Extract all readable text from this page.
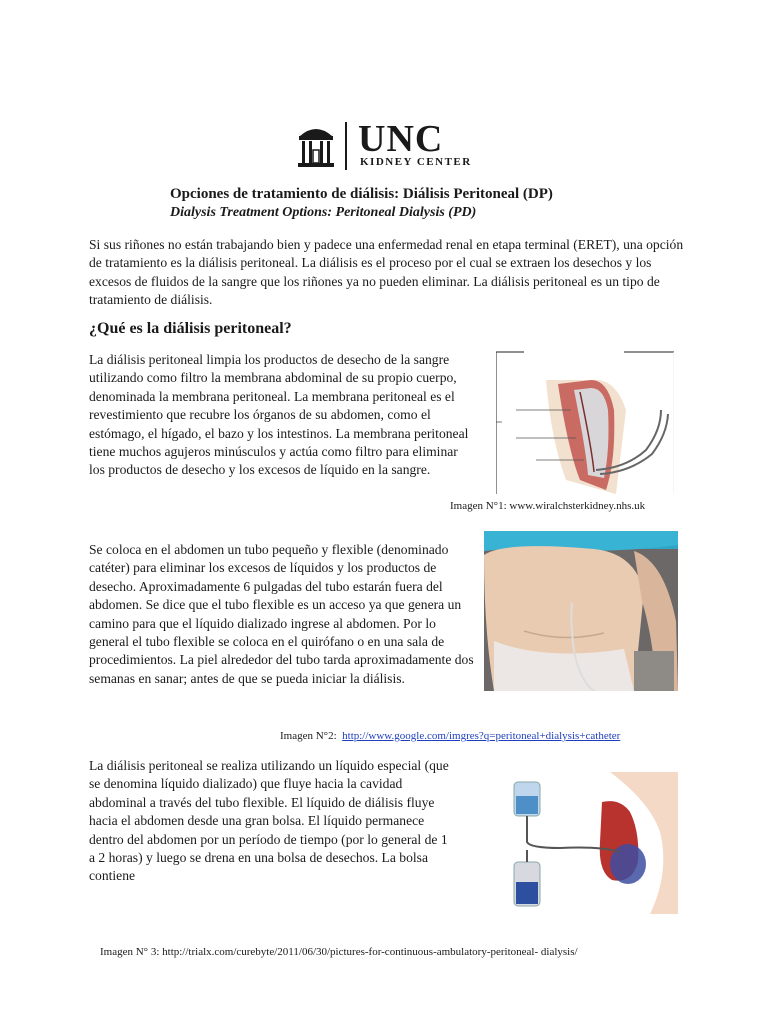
UNC
KIDNEY CENTER
Opciones de tratamiento de diálisis: Diálisis Peritoneal (DP)
Dialysis Treatment Options: Peritoneal Dialysis (PD)
Si sus riñones no están trabajando bien y padece una enfermedad renal en etapa terminal (ERET), una opción de tratamiento es la diálisis peritoneal. La diálisis es el proceso por el cual se extraen los desechos y los excesos de fluidos de la sangre que los riñones ya no pueden eliminar. La diálisis peritoneal es un tipo de tratamiento de diálisis.
¿Qué es la diálisis peritoneal?
La diálisis peritoneal limpia los productos de desecho de la sangre utilizando como filtro la membrana abdominal de su propio cuerpo, denominada la membrana peritoneal. La membrana peritoneal es el revestimiento que recubre los órganos de su abdomen, como el estómago, el hígado, el bazo y los intestinos. La membrana peritoneal tiene muchos agujeros minúsculos y actúa como filtro para eliminar los productos de desecho y los excesos de líquido en la sangre.
Imagen N°1: www.wiralchsterkidney.nhs.uk
Se coloca en el abdomen un tubo pequeño y flexible (denominado catéter) para eliminar los excesos de líquidos y los productos de desecho. Aproximadamente 6 pulgadas del tubo estarán fuera del abdomen. Se dice que el tubo flexible es un acceso ya que genera un camino para que el líquido dializado ingrese al abdomen. Por lo general el tubo flexible se coloca en el quirófano o en una sala de procedimientos. La piel alrededor del tubo tarda aproximadamente dos semanas en sanar; antes de que se pueda iniciar la diálisis.
Imagen N°2: http://www.google.com/imgres?q=peritoneal+dialysis+catheter
La diálisis peritoneal se realiza utilizando un líquido especial (que se denomina líquido dializado) que fluye hacia la cavidad abdominal a través del tubo flexible. El líquido de diálisis fluye hacia el abdomen desde una gran bolsa. El líquido permanece dentro del abdomen por un período de tiempo (por lo general de 1 a 2 horas) y luego se drena en una bolsa de desechos. La bolsa contiene
Imagen N° 3: http://trialx.com/curebyte/2011/06/30/pictures-for-continuous-ambulatory-peritoneal- dialysis/
